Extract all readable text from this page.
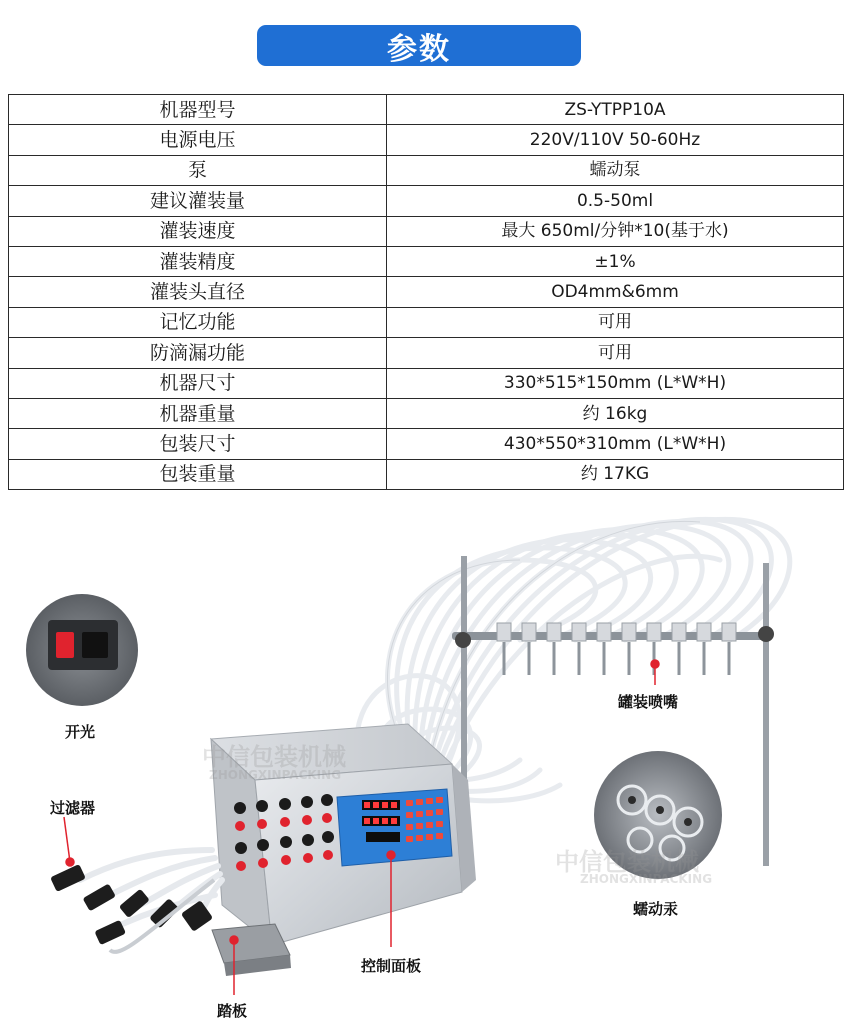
参数
机器型号	ZS-YTPP10A
电源电压	220V/110V 50-60Hz
泵	蠕动泵
建议灌装量	0.5-50ml
灌装速度	最大 650ml/分钟*10(基于水)
灌装精度	±1%
灌装头直径	OD4mm&6mm
记忆功能	可用
防滴漏功能	可用
机器尺寸	330*515*150mm (L*W*H)
机器重量	约 16kg
包装尺寸	430*550*310mm (L*W*H)
包装重量	约 17KG
中信包装机械
ZHONGXINPACKING
中信包装机械
ZHONGXINPACKING
开光
过滤器
罐装喷嘴
蠕动汞
控制面板
踏板
